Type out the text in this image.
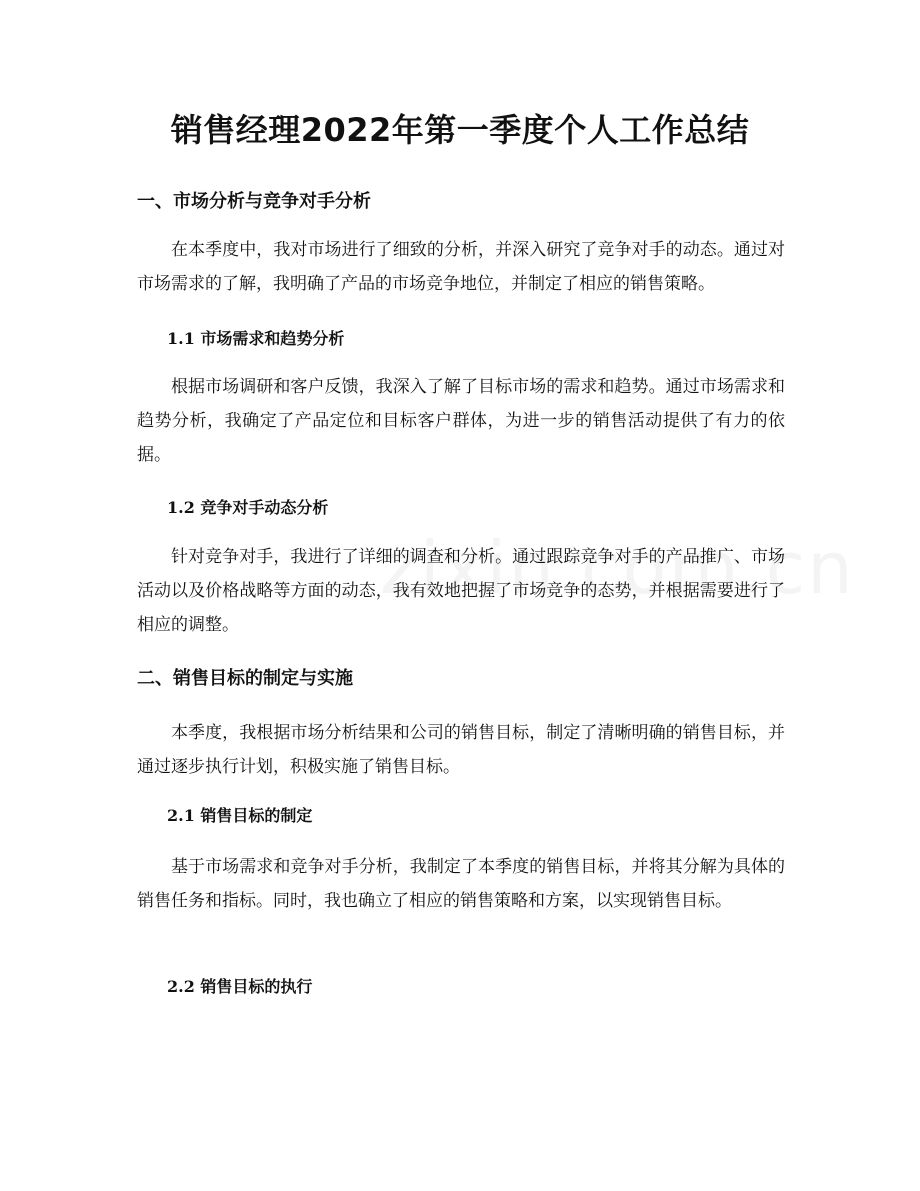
销售经理2022年第一季度个人工作总结
一、市场分析与竞争对手分析

在本季度中，我对市场进行了细致的分析，并深入研究了竞争对手的动态。通过对市场需求的了解，我明确了产品的市场竞争地位，并制定了相应的销售策略。

1.1 市场需求和趋势分析

根据市场调研和客户反馈，我深入了解了目标市场的需求和趋势。通过市场需求和趋势分析，我确定了产品定位和目标客户群体，为进一步的销售活动提供了有力的依据。

1.2 竞争对手动态分析

针对竞争对手，我进行了详细的调查和分析。通过跟踪竞争对手的产品推广、市场活动以及价格战略等方面的动态，我有效地把握了市场竞争的态势，并根据需要进行了相应的调整。

二、销售目标的制定与实施

本季度，我根据市场分析结果和公司的销售目标，制定了清晰明确的销售目标，并通过逐步执行计划，积极实施了销售目标。

2.1 销售目标的制定

基于市场需求和竞争对手分析，我制定了本季度的销售目标，并将其分解为具体的销售任务和指标。同时，我也确立了相应的销售策略和方案，以实现销售目标。

2.2 销售目标的执行
